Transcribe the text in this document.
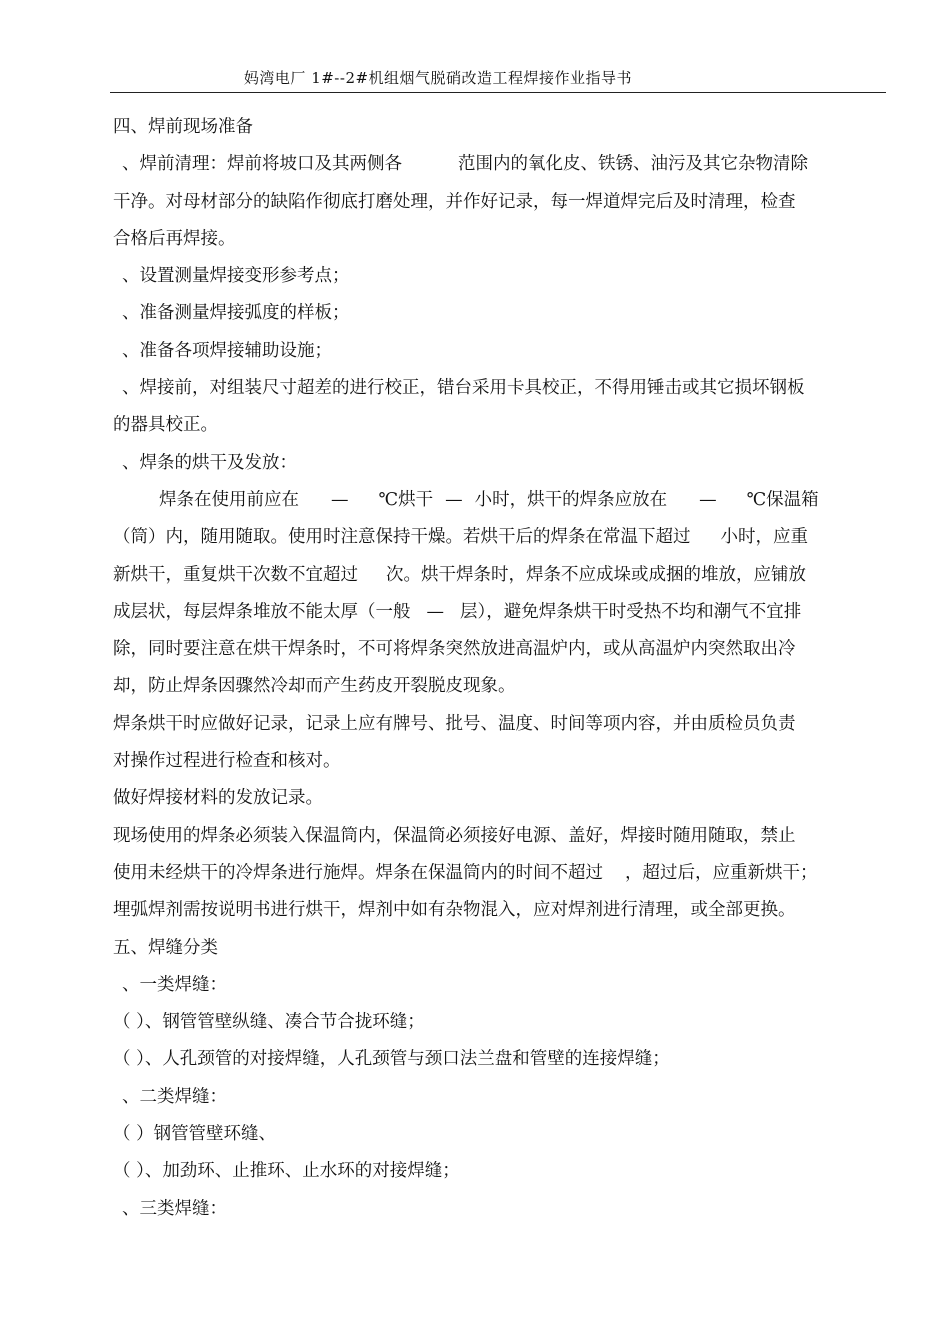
妈湾电厂 1#--2#机组烟气脱硝改造工程焊接作业指导书
四、焊前现场准备
、焊前清理：焊前将坡口及其两侧各	范围内的氧化皮、铁锈、油污及其它杂物清除
干净。对母材部分的缺陷作彻底打磨处理，并作好记录，每一焊道焊完后及时清理，检查
合格后再焊接。
、设置测量焊接变形参考点；
、准备测量焊接弧度的样板；
、准备各项焊接辅助设施；
、焊接前，对组装尺寸超差的进行校正，错台采用卡具校正，不得用锤击或其它损坏钢板
的器具校正。
、焊条的烘干及发放：
焊条在使用前应在 — ℃烘干 — 小时，烘干的焊条应放在 — ℃保温箱
（筒）内，随用随取。使用时注意保持干燥。若烘干后的焊条在常温下超过 小时，应重
新烘干，重复烘干次数不宜超过 次。烘干焊条时，焊条不应成垛或成捆的堆放，应铺放
成层状，每层焊条堆放不能太厚（一般 — 层），避免焊条烘干时受热不均和潮气不宜排
除，同时要注意在烘干焊条时，不可将焊条突然放进高温炉内，或从高温炉内突然取出冷
却，防止焊条因骤然冷却而产生药皮开裂脱皮现象。
焊条烘干时应做好记录，记录上应有牌号、批号、温度、时间等项内容，并由质检员负责
对操作过程进行检查和核对。
做好焊接材料的发放记录。
现场使用的焊条必须装入保温筒内，保温筒必须接好电源、盖好，焊接时随用随取，禁止
使用未经烘干的冷焊条进行施焊。焊条在保温筒内的时间不超过 ，超过后，应重新烘干；
埋弧焊剂需按说明书进行烘干，焊剂中如有杂物混入，应对焊剂进行清理，或全部更换。
五、焊缝分类
、一类焊缝：
（ ）、钢管管壁纵缝、凑合节合拢环缝；
（ ）、人孔颈管的对接焊缝，人孔颈管与颈口法兰盘和管壁的连接焊缝；
、二类焊缝：
（ ）钢管管壁环缝、
（ ）、加劲环、止推环、止水环的对接焊缝；
、三类焊缝：
